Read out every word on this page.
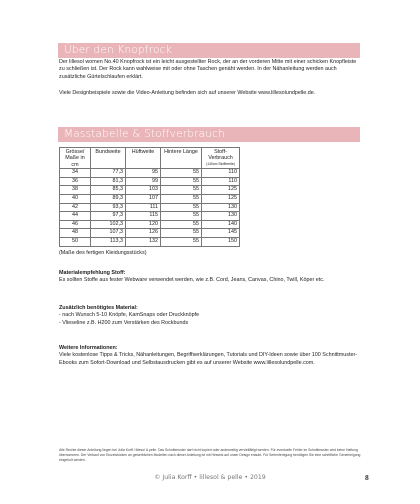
Über den Knopfrock

Der lillesol women No.40 Knopfrock ist ein leicht ausgestellter Rock, der an der vorderen Mitte mit einer schicken Knopfleiste zu schließen ist. Der Rock kann wahlweise mit oder ohne Taschen genäht werden. In der Nähanleitung werden auch zusätzliche Gürtelschlaufen erklärt.

Viele Designbeispiele sowie die Video-Anleitung befinden sich auf unserer Website www.lillesolundpelle.de.

Masstabelle & Stoffverbrauch
Grösse/ Maße in cm	Bundweite	Hüftweite	Hintere Länge	Stoff-Verbrauch
(140cm Stoffbreite)

34	77,3	95	55	110
36	81,3	99	55	110
38	85,3	103	55	125
40	89,3	107	55	125
42	93,3	111	55	130
44	97,3	115	55	130
46	102,3	120	55	140
48	107,3	126	55	145
50	113,3	132	55	150
(Maße des fertigen Kleidungsstücks)

Materialempfehlung Stoff:

Es sollten Stoffe aus fester Webware verwendet werden, wie z.B. Cord, Jeans, Canvas, Chino, Twill, Köper etc.

Zusätzlich benötigtes Material:

- nach Wunsch 5-10 Knöpfe, KamSnaps oder Druckknöpfe

- Vlieseline z.B. H200 zum Verstärken des Rockbunds

Weitere Informationen:

Viele kostenlose Tipps & Tricks, Nähanleitungen, Begriffserklärungen, Tutorials und DIY-Ideen sowie über 100 Schnittmuster-Ebooks zum Sofort-Download und Selbstausdrucken gibt es auf unserer Website www.lillesolundpelle.com.

Alle Rechte dieser Anleitung liegen bei Julia Korff / lillesol & pelle. Das Schnittmuster darf nicht kopiert oder anderweitig vervielfältigt werden. Für eventuelle Fehler im Schnittmuster wird keine Haftung übernommen. Der Verkauf von Einzelstücken an gewerblichen Modellen nach dieser Anleitung ist mit Hinweis auf unser Design erlaubt. Für Serienfertigung benötigen Sie eine schriftliche Genehmigung eingeholt werden.
© Julia Korff • lillesol & pelle • 2019	8
